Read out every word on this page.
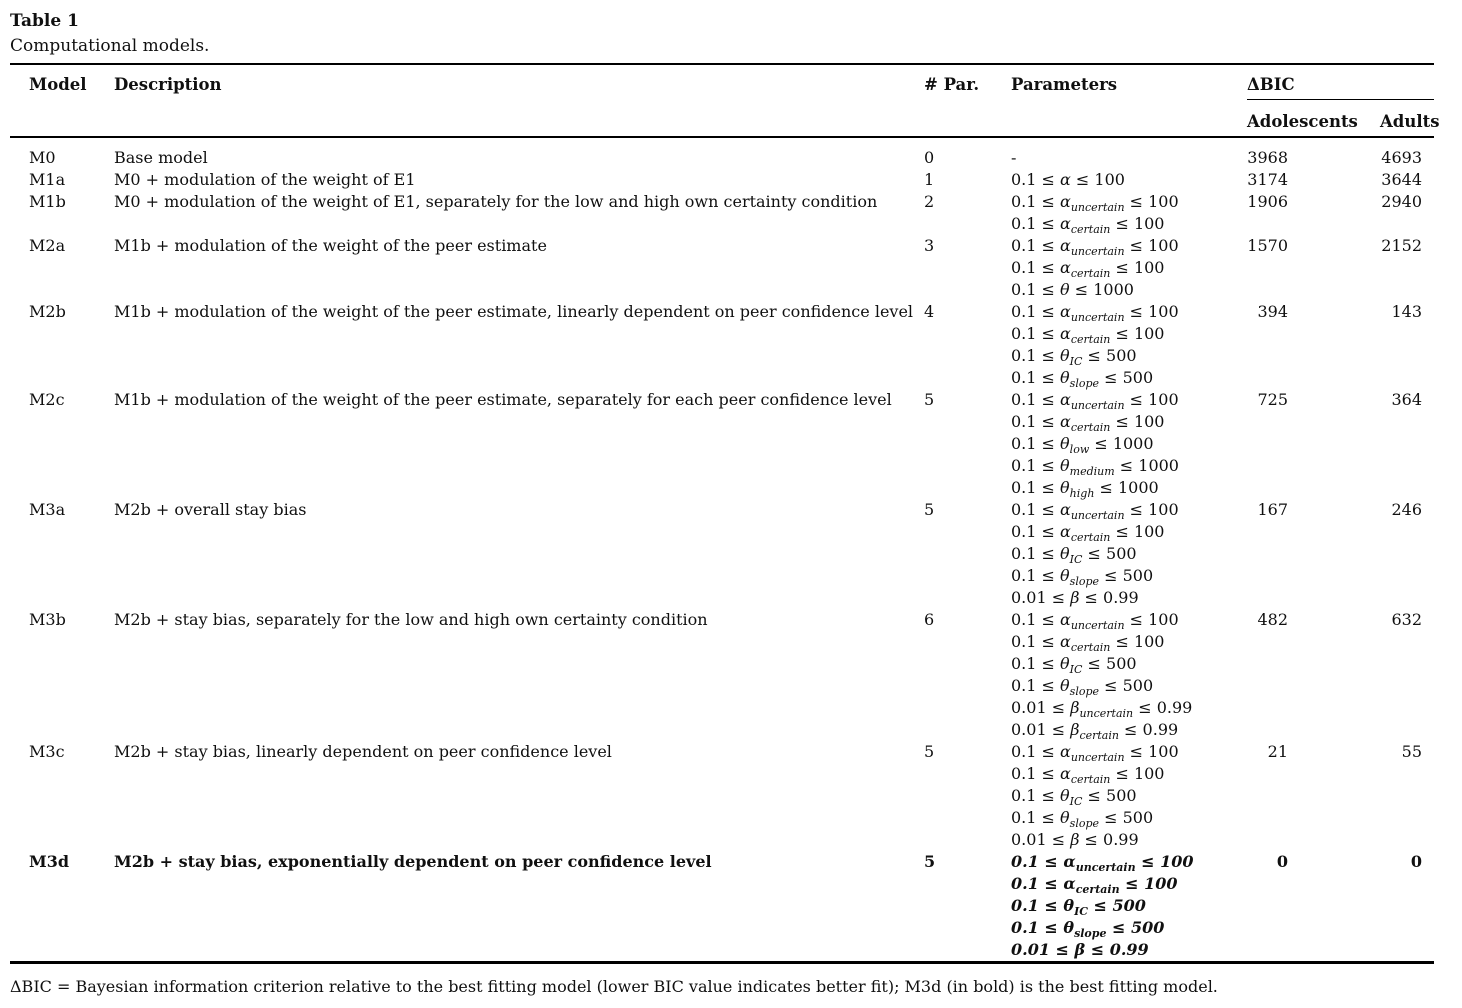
Table 1
Computational models.
Model	Description	# Par.	Parameters	ΔBIC	
				Adolescents	Adults
M0	Base model	0	-	3968	4693
M1a	M0 + modulation of the weight of E1	1	0.1 ≤ α ≤ 100	3174	3644
M1b	M0 + modulation of the weight of E1, separately for the low and high own certainty condition	2	$0.1 \le \alpha_{uncertain} \le 100$
$0.1 \le \alpha_{certain} \le 100$	1906	2940
M2a	M1b + modulation of the weight of the peer estimate	3	$0.1 \le \alpha_{uncertain} \le 100$
$0.1 \le \alpha_{certain} \le 100$
0.1 ≤ θ ≤ 1000	1570	2152
M2b	M1b + modulation of the weight of the peer estimate, linearly dependent on peer confidence level	4	$0.1 \le \alpha_{uncertain} \le 100$
$0.1 \le \alpha_{certain} \le 100$
$0.1 \le \theta_{IC} \le 500$
$0.1 \le \theta_{slope} \le 500$	394	143
M2c	M1b + modulation of the weight of the peer estimate, separately for each peer confidence level	5	$0.1 \le \alpha_{uncertain} \le 100$
$0.1 \le \alpha_{certain} \le 100$
$0.1 \le \theta_{low} \le 1000$
$0.1 \le \theta_{medium} \le 1000$
$0.1 \le \theta_{high} \le 1000$	725	364
M3a	M2b + overall stay bias	5	$0.1 \le \alpha_{uncertain} \le 100$
$0.1 \le \alpha_{certain} \le 100$
$0.1 \le \theta_{IC} \le 500$
$0.1 \le \theta_{slope} \le 500$
0.01 ≤ β ≤ 0.99	167	246
M3b	M2b + stay bias, separately for the low and high own certainty condition	6	$0.1 \le \alpha_{uncertain} \le 100$
$0.1 \le \alpha_{certain} \le 100$
$0.1 \le \theta_{IC} \le 500$
$0.1 \le \theta_{slope} \le 500$
$0.01 \le \beta_{uncertain} \le 0.99$
$0.01 \le \beta_{certain} \le 0.99$
	482	632
M3c	M2b + stay bias, linearly dependent on peer confidence level	5	$0.1 \le \alpha_{uncertain} \le 100$
$0.1 \le \alpha_{certain} \le 100$
$0.1 \le \theta_{IC} \le 500$
$0.1 \le \theta_{slope} \le 500$
0.01 ≤ β ≤ 0.99	21	55
M3d	M2b + stay bias, exponentially dependent on peer confidence level	5	$0.1 \le \alpha_{uncertain} \le 100$
$0.1 \le \alpha_{certain} \le 100$
$0.1 \le \theta_{IC} \le 500$
$0.1 \le \theta_{slope} \le 500$
0.01 ≤ β ≤ 0.99	0	0

ΔBIC = Bayesian information criterion relative to the best fitting model (lower BIC value indicates better fit); M3d (in bold) is the best fitting model.
